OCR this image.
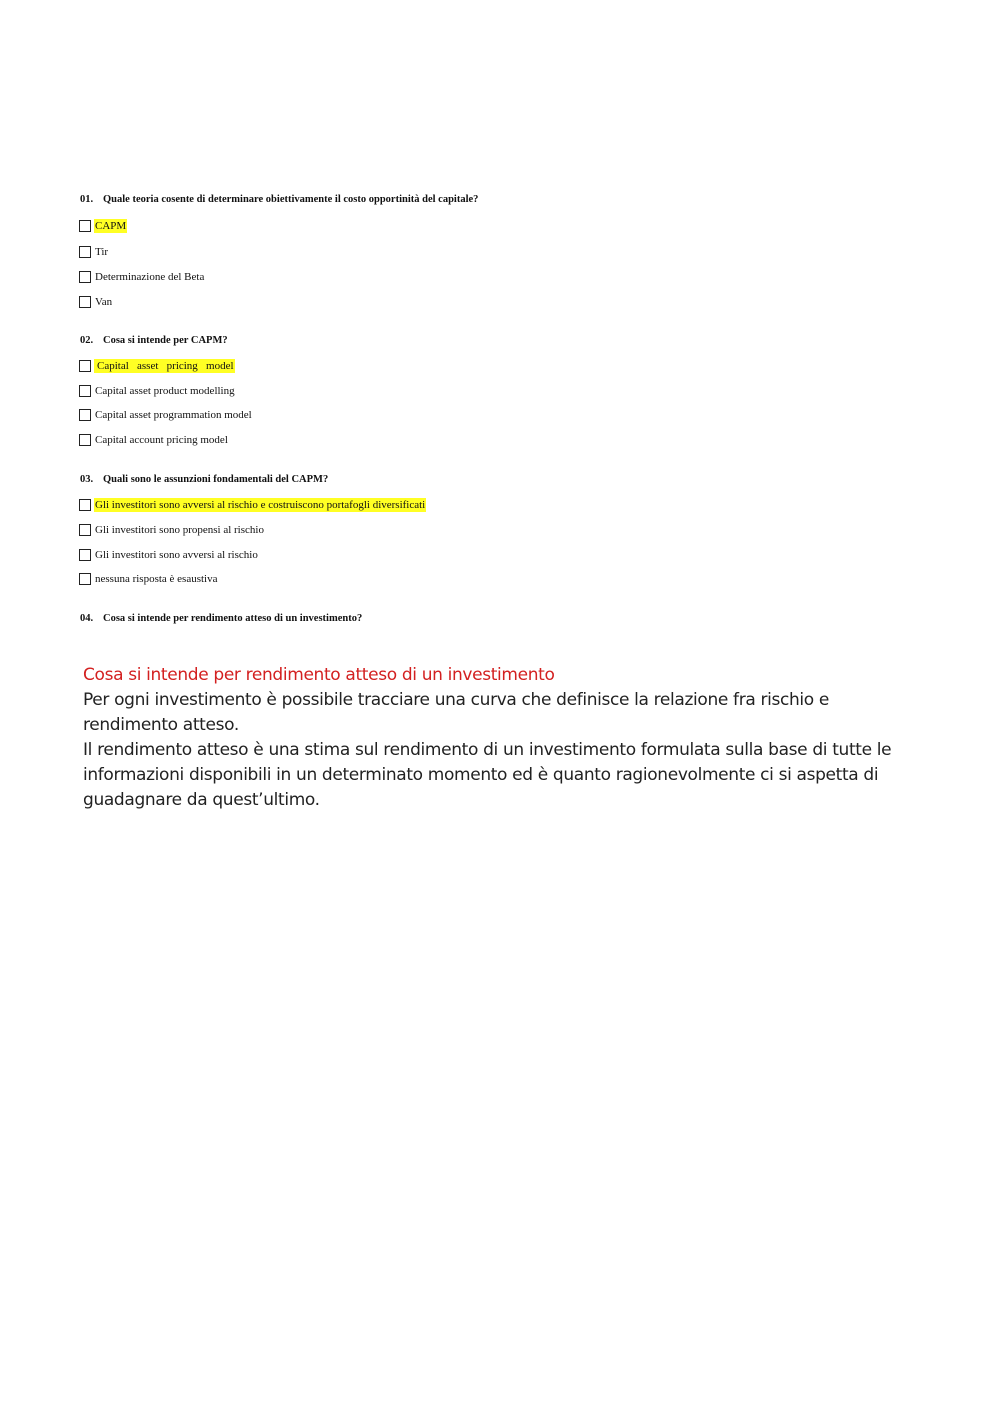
01. Quale teoria cosente di determinare obiettivamente il costo opportinità del capitale?
CAPM
Tir
Determinazione del Beta
Van
02. Cosa si intende per CAPM?
Capital   asset   pricing   model
Capital asset product modelling
Capital asset programmation model
Capital account pricing model
03. Quali sono le assunzioni fondamentali del CAPM?
Gli investitori sono avversi al rischio e costruiscono portafogli diversificati
Gli investitori sono propensi al rischio
Gli investitori sono avversi al rischio
nessuna risposta è esaustiva
04. Cosa si intende per rendimento atteso di un investimento?
Cosa si intende per rendimento atteso di un investimento
Per ogni investimento è possibile tracciare una curva che definisce la relazione fra rischio e
rendimento atteso.
Il rendimento atteso è una stima sul rendimento di un investimento formulata sulla base di tutte le
informazioni disponibili in un determinato momento ed è quanto ragionevolmente ci si aspetta di
guadagnare da quest’ultimo.
